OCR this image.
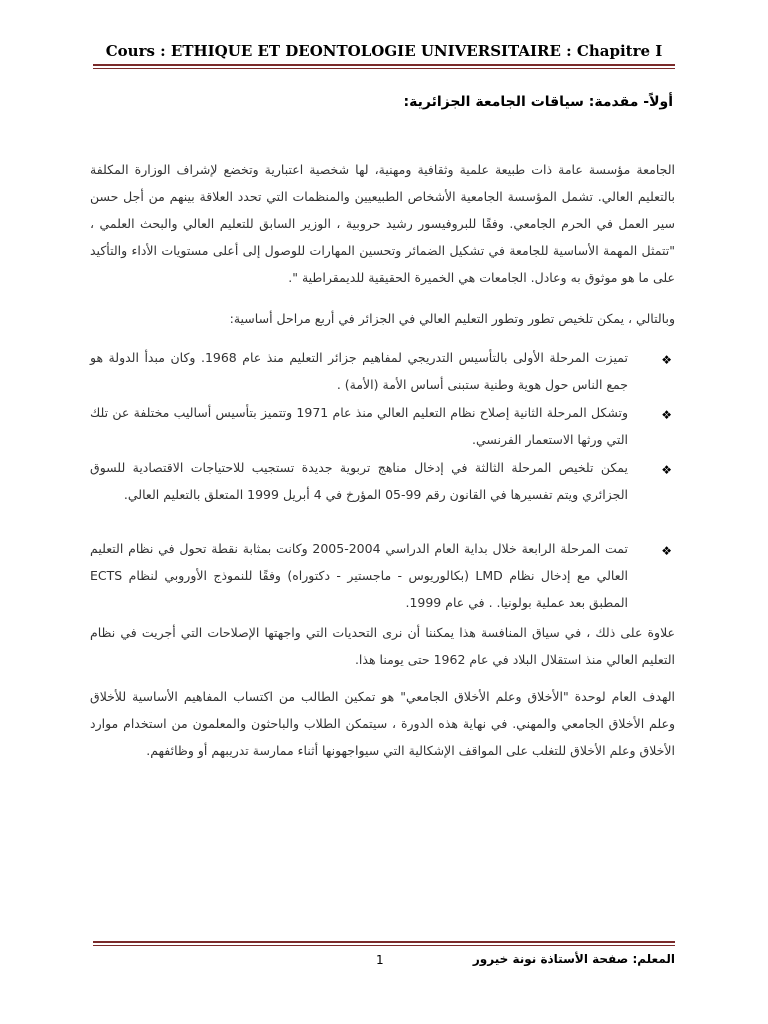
Cours : ETHIQUE ET DEONTOLOGIE UNIVERSITAIRE : Chapitre I
أولاً- مقدمة: سياقات الجامعة الجزائرية:
الجامعة مؤسسة عامة ذات طبيعة علمية وثقافية ومهنية، لها شخصية اعتبارية وتخضع لإشراف الوزارة المكلفة بالتعليم العالي. تشمل المؤسسة الجامعية الأشخاص الطبيعيين والمنظمات التي تحدد العلاقة بينهم من أجل حسن سير العمل في الحرم الجامعي. وفقًا للبروفيسور رشيد حروبية ، الوزير السابق للتعليم العالي والبحث العلمي ، "تتمثل المهمة الأساسية للجامعة في تشكيل الضمائر وتحسين المهارات للوصول إلى أعلى مستويات الأداء والتأكيد على ما هو موثوق به وعادل. الجامعات هي الخميرة الحقيقية للديمقراطية ".
وبالتالي ، يمكن تلخيص تطور وتطور التعليم العالي في الجزائر في أربع مراحل أساسية:
❖
تميزت المرحلة الأولى بالتأسيس التدريجي لمفاهيم جزائر التعليم منذ عام 1968. وكان مبدأ الدولة هو جمع الناس حول هوية وطنية ستبنى أساس الأمة (الأمة) .
❖
وتشكل المرحلة الثانية إصلاح نظام التعليم العالي منذ عام 1971 وتتميز بتأسيس أساليب مختلفة عن تلك التي ورثها الاستعمار الفرنسي.
❖
يمكن تلخيص المرحلة الثالثة في إدخال مناهج تربوية جديدة تستجيب للاحتياجات الاقتصادية للسوق الجزائري ويتم تفسيرها في القانون رقم 99-05 المؤرخ في 4 أبريل 1999 المتعلق بالتعليم العالي.
❖
تمت المرحلة الرابعة خلال بداية العام الدراسي 2004-2005 وكانت بمثابة نقطة تحول في نظام التعليم العالي مع إدخال نظام LMD (بكالوريوس - ماجستير - دكتوراه) وفقًا للنموذج الأوروبي لنظام ECTS المطبق بعد عملية بولونيا. . في عام 1999.
علاوة على ذلك ، في سياق المنافسة هذا يمكننا أن نرى التحديات التي واجهتها الإصلاحات التي أجريت في نظام التعليم العالي منذ استقلال البلاد في عام 1962 حتى يومنا هذا.
الهدف العام لوحدة "الأخلاق وعلم الأخلاق الجامعي" هو تمكين الطالب من اكتساب المفاهيم الأساسية للأخلاق وعلم الأخلاق الجامعي والمهني. في نهاية هذه الدورة ، سيتمكن الطلاب والباحثون والمعلمون من استخدام موارد الأخلاق وعلم الأخلاق للتغلب على المواقف الإشكالية التي سيواجهونها أثناء ممارسة تدريبهم أو وظائفهم.
1	المعلم: صفحة الأستاذة نونة خيرور
